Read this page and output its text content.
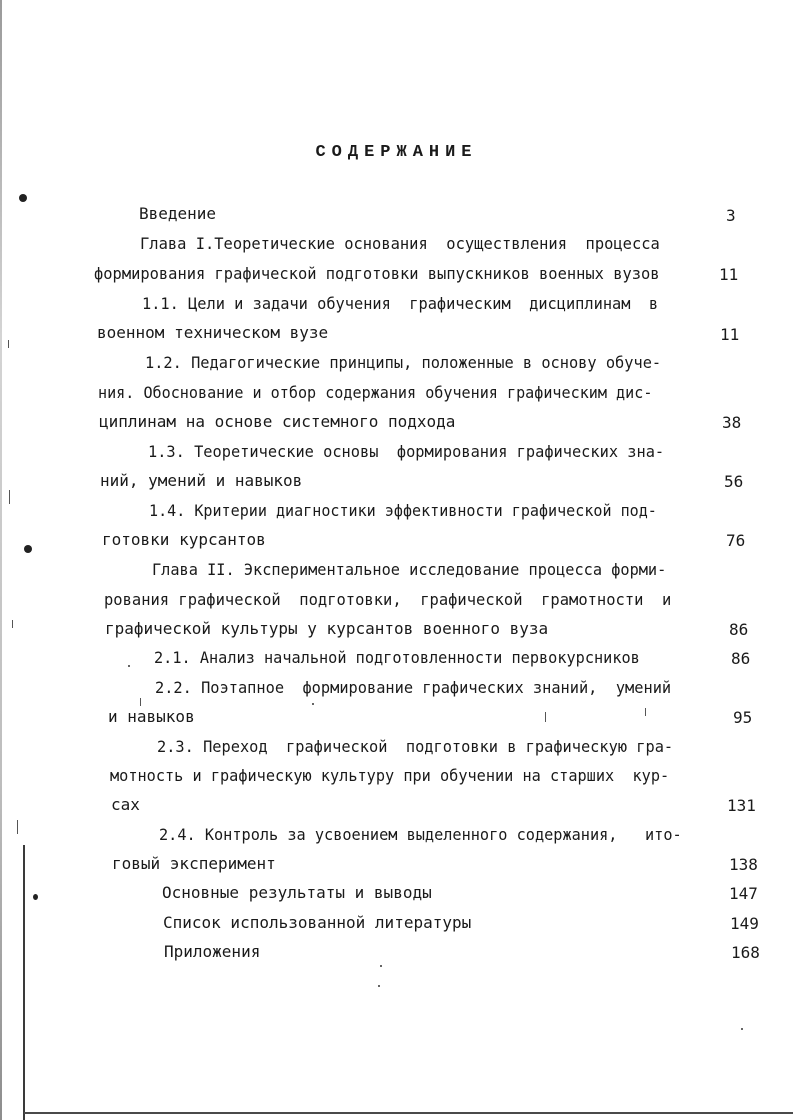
СОДЕРЖАНИЕ
Введение	3
Глава I.Теоретические основания  осуществления  процесса
формирования графической подготовки выпускников военных вузов	11
1.1. Цели и задачи обучения  графическим  дисциплинам  в
военном техническом вузе	11
1.2. Педагогические принципы, положенные в основу обуче-
ния. Обоснование и отбор содержания обучения графическим дис-
циплинам на основе системного подхода	38
1.3. Теоретические основы  формирования графических зна-
ний, умений и навыков	56
1.4. Критерии диагностики эффективности графической под-
готовки курсантов	76
Глава II. Экспериментальное исследование процесса форми-
рования графической  подготовки,  графической  грамотности  и
графической культуры у курсантов военного вуза	86
2.1. Анализ начальной подготовленности первокурсников	86
2.2. Поэтапное  формирование графических знаний,  умений
и навыков	95
2.3. Переход  графической  подготовки в графическую гра-
мотность и графическую культуру при обучении на старших  кур-
сах	131
2.4. Контроль за усвоением выделенного содержания,   ито-
говый эксперимент	138
Основные результаты и выводы	147
Список использованной литературы	149
Приложения	168
